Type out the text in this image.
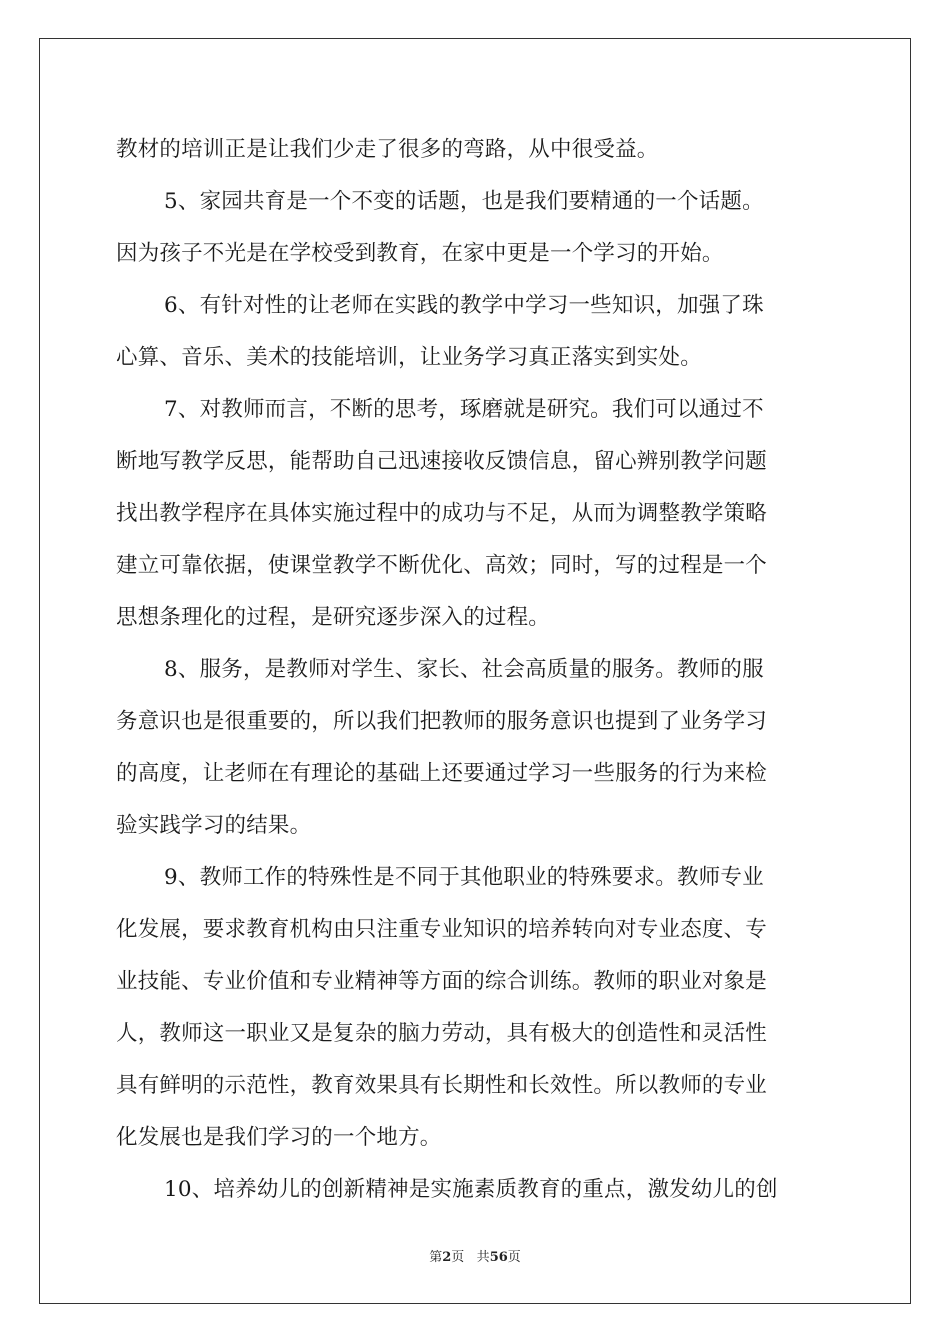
教材的培训正是让我们少走了很多的弯路，从中很受益。
5、家园共育是一个不变的话题，也是我们要精通的一个话题。
因为孩子不光是在学校受到教育，在家中更是一个学习的开始。
6、有针对性的让老师在实践的教学中学习一些知识，加强了珠
心算、音乐、美术的技能培训，让业务学习真正落实到实处。
7、对教师而言，不断的思考，琢磨就是研究。我们可以通过不
断地写教学反思，能帮助自己迅速接收反馈信息，留心辨别教学问题
找出教学程序在具体实施过程中的成功与不足，从而为调整教学策略
建立可靠依据，使课堂教学不断优化、高效；同时，写的过程是一个
思想条理化的过程，是研究逐步深入的过程。
8、服务，是教师对学生、家长、社会高质量的服务。教师的服
务意识也是很重要的，所以我们把教师的服务意识也提到了业务学习
的高度，让老师在有理论的基础上还要通过学习一些服务的行为来检
验实践学习的结果。
9、教师工作的特殊性是不同于其他职业的特殊要求。教师专业
化发展，要求教育机构由只注重专业知识的培养转向对专业态度、专
业技能、专业价值和专业精神等方面的综合训练。教师的职业对象是
人，教师这一职业又是复杂的脑力劳动，具有极大的创造性和灵活性
具有鲜明的示范性，教育效果具有长期性和长效性。所以教师的专业
化发展也是我们学习的一个地方。
10、培养幼儿的创新精神是实施素质教育的重点，激发幼儿的创
第2页 共56页
